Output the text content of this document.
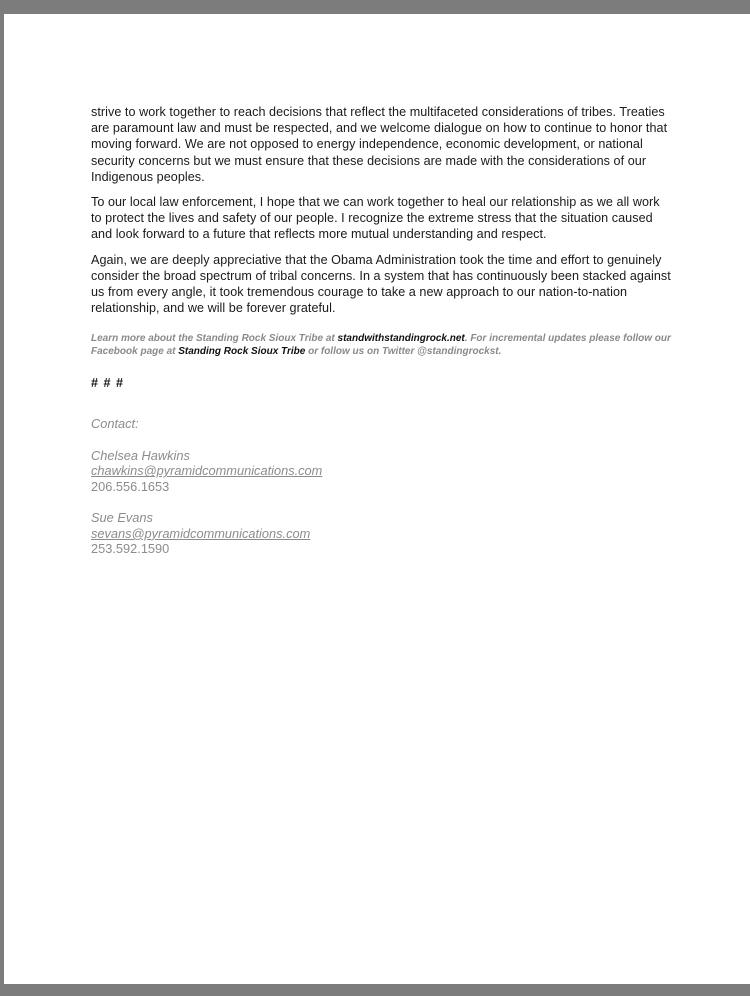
strive to work together to reach decisions that reflect the multifaceted considerations of tribes. Treaties are paramount law and must be respected, and we welcome dialogue on how to continue to honor that moving forward. We are not opposed to energy independence, economic development, or national security concerns but we must ensure that these decisions are made with the considerations of our Indigenous peoples.

To our local law enforcement, I hope that we can work together to heal our relationship as we all work to protect the lives and safety of our people. I recognize the extreme stress that the situation caused and look forward to a future that reflects more mutual understanding and respect.

Again, we are deeply appreciative that the Obama Administration took the time and effort to genuinely consider the broad spectrum of tribal concerns. In a system that has continuously been stacked against us from every angle, it took tremendous courage to take a new approach to our nation-to-nation relationship, and we will be forever grateful.

Learn more about the Standing Rock Sioux Tribe at standwithstandingrock.net. For incremental updates please follow our Facebook page at Standing Rock Sioux Tribe or follow us on Twitter @standingrockst.

# # #
Contact:
Chelsea Hawkins
chawkins@pyramidcommunications.com
206.556.1653
Sue Evans
sevans@pyramidcommunications.com
253.592.1590
